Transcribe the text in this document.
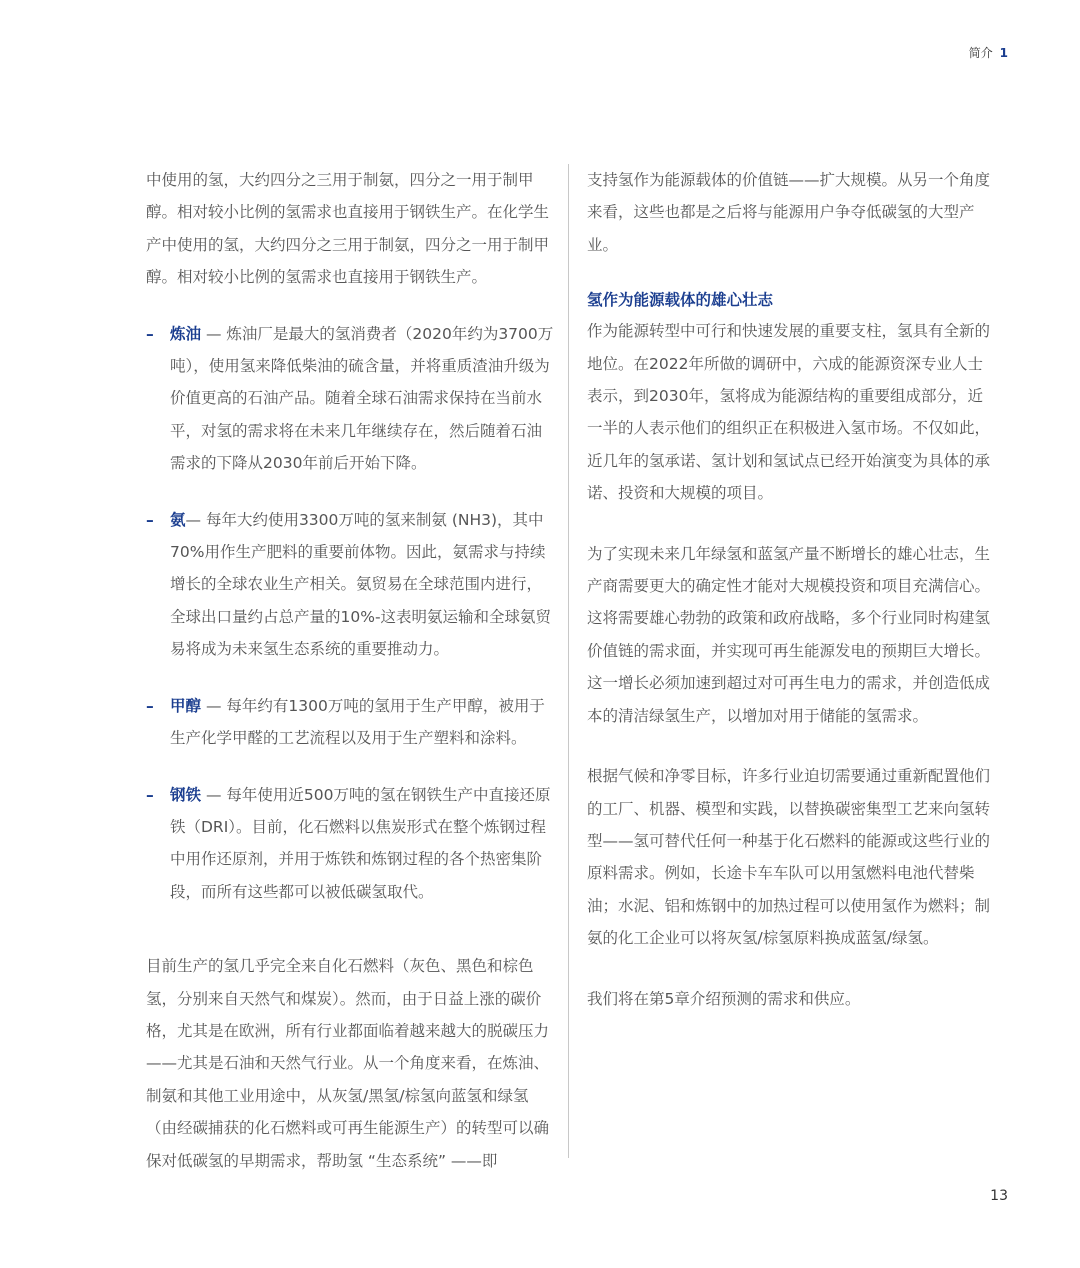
简介 1

中使用的氢，大约四分之三用于制氨，四分之一用于制甲醇。相对较小比例的氢需求也直接用于钢铁生产。在化学生产中使用的氢，大约四分之三用于制氨，四分之一用于制甲醇。相对较小比例的氢需求也直接用于钢铁生产。

– 炼油 — 炼油厂是最大的氢消费者（2020年约为3700万吨），使用氢来降低柴油的硫含量，并将重质渣油升级为价值更高的石油产品。随着全球石油需求保持在当前水平，对氢的需求将在未来几年继续存在，然后随着石油需求的下降从2030年前后开始下降。
– 氨— 每年大约使用3300万吨的氢来制氨 (NH3)，其中70%用作生产肥料的重要前体物。因此，氨需求与持续增长的全球农业生产相关。氨贸易在全球范围内进行，全球出口量约占总产量的10%-这表明氨运输和全球氨贸易将成为未来氢生态系统的重要推动力。
– 甲醇 — 每年约有1300万吨的氢用于生产甲醇，被用于生产化学甲醛的工艺流程以及用于生产塑料和涂料。
– 钢铁 — 每年使用近500万吨的氢在钢铁生产中直接还原铁（DRI）。目前，化石燃料以焦炭形式在整个炼钢过程中用作还原剂，并用于炼铁和炼钢过程的各个热密集阶段，而所有这些都可以被低碳氢取代。

目前生产的氢几乎完全来自化石燃料（灰色、黑色和棕色氢，分别来自天然气和煤炭）。然而，由于日益上涨的碳价格，尤其是在欧洲，所有行业都面临着越来越大的脱碳压力——尤其是石油和天然气行业。从一个角度来看，在炼油、制氨和其他工业用途中，从灰氢/黑氢/棕氢向蓝氢和绿氢（由经碳捕获的化石燃料或可再生能源生产）的转型可以确保对低碳氢的早期需求，帮助氢 “生态系统” ——即

支持氢作为能源载体的价值链——扩大规模。从另一个角度来看，这些也都是之后将与能源用户争夺低碳氢的大型产业。

氢作为能源载体的雄心壮志

作为能源转型中可行和快速发展的重要支柱，氢具有全新的地位。在2022年所做的调研中，六成的能源资深专业人士表示，到2030年，氢将成为能源结构的重要组成部分，近一半的人表示他们的组织正在积极进入氢市场。不仅如此，近几年的氢承诺、氢计划和氢试点已经开始演变为具体的承诺、投资和大规模的项目。

为了实现未来几年绿氢和蓝氢产量不断增长的雄心壮志，生产商需要更大的确定性才能对大规模投资和项目充满信心。这将需要雄心勃勃的政策和政府战略，多个行业同时构建氢价值链的需求面，并实现可再生能源发电的预期巨大增长。这一增长必须加速到超过对可再生电力的需求，并创造低成本的清洁绿氢生产，以增加对用于储能的氢需求。

根据气候和净零目标，许多行业迫切需要通过重新配置他们的工厂、机器、模型和实践，以替换碳密集型工艺来向氢转型——氢可替代任何一种基于化石燃料的能源或这些行业的原料需求。例如，长途卡车车队可以用氢燃料电池代替柴油；水泥、铝和炼钢中的加热过程可以使用氢作为燃料；制氨的化工企业可以将灰氢/棕氢原料换成蓝氢/绿氢。

我们将在第5章介绍预测的需求和供应。

13
